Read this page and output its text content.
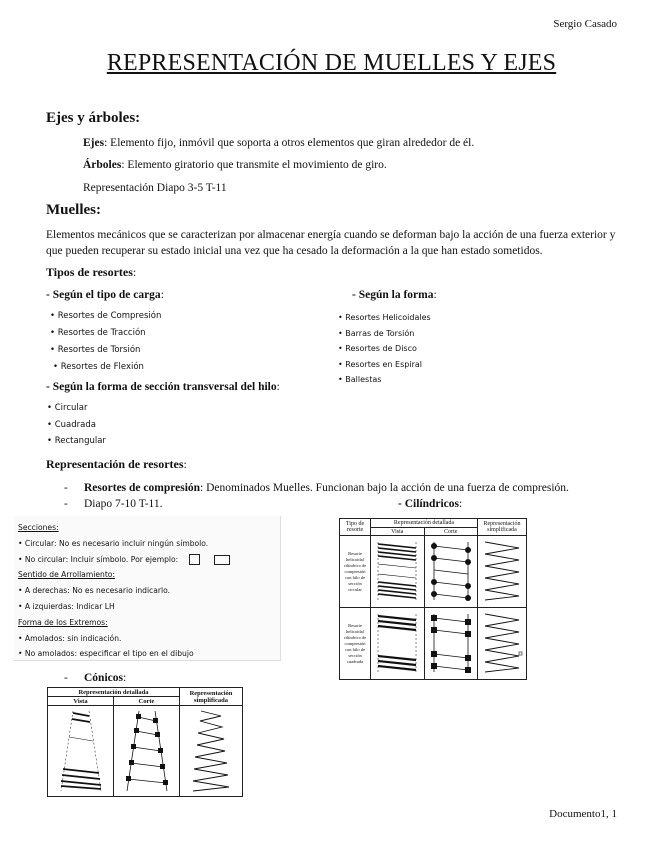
Sergio Casado
REPRESENTACIÓN DE MUELLES Y EJES
Ejes y árboles:
Ejes: Elemento fijo, inmóvil que soporta a otros elementos que giran alrededor de él.
Árboles: Elemento giratorio que transmite el movimiento de giro.
Representación Diapo 3-5 T-11
Muelles:
Elementos mecánicos que se caracterizan por almacenar energía cuando se deforman bajo la acción de una fuerza exterior y que pueden recuperar su estado inicial una vez que ha cesado la deformación a la que han estado sometidos.
Tipos de resortes:
- Según el tipo de carga:
• Resortes de Compresión
• Resortes de Tracción
• Resortes de Torsión
• Resortes de Flexión
- Según la forma:
• Resortes Helicoidales
• Barras de Torsión
• Resortes de Disco
• Resortes en Espiral
• Ballestas
- Según la forma de sección transversal del hilo:
• Circular
• Cuadrada
• Rectangular
Representación de resortes:
- Resortes de compresión: Denominados Muelles. Funcionan bajo la acción de una fuerza de compresión.
- Diapo 7-10 T-11.	- Cilíndricos:
Secciones:
• Circular: No es necesario incluir ningún símbolo.
• No circular: Incluir símbolo. Por ejemplo:
Sentido de Arrollamiento:
• A derechas: No es necesario indicarlo.
• A izquierdas: Indicar LH
Forma de los Extremos:
• Amolados: sin indicación.
• No amolados: especificar el tipo en el dibujo
Tipo de resorte	Representación detallada		Representación simplificada
	Vista	Corte	
Resorte helicoidal cilíndrico de compresión con hilo de sección circular			
Resorte helicoidal cilíndrico de compresión con hilo de sección cuadrada			
- Cónicos:
Representación detallada		Representación simplificada
Vista	Corte	

Documento1, 1
